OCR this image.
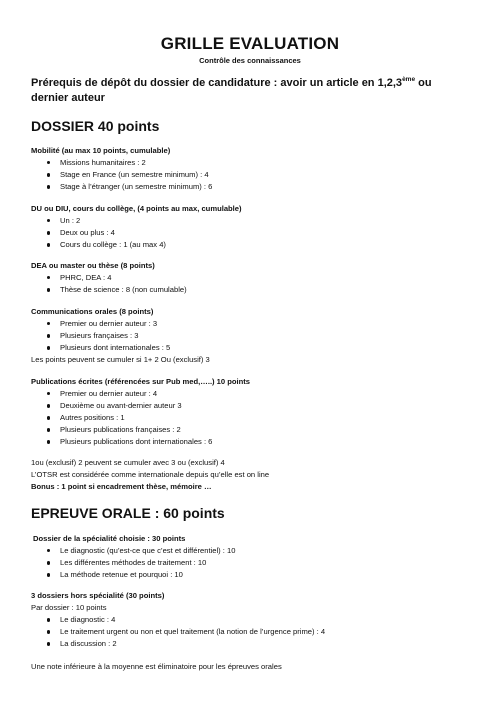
GRILLE EVALUATION
Contrôle des connaissances
Prérequis de dépôt du dossier de candidature : avoir un article en 1,2,3ème ou dernier auteur
DOSSIER 40 points
Mobilité (au max 10 points, cumulable)
Missions humanitaires : 2
Stage en France (un semestre minimum) : 4
Stage à l’étranger (un semestre minimum) : 6
DU ou DIU, cours du collège, (4 points au max, cumulable)
Un : 2
Deux ou plus : 4
Cours du collège : 1 (au max 4)
DEA ou master ou thèse (8 points)
PHRC, DEA : 4
Thèse de science : 8 (non cumulable)
Communications orales (8 points)
Premier ou dernier auteur : 3
Plusieurs françaises : 3
Plusieurs dont internationales : 5
Les points peuvent se cumuler si 1+ 2 Ou (exclusif) 3
Publications écrites (référencées sur Pub med,…..) 10 points
Premier ou dernier auteur : 4
Deuxième ou avant-dernier auteur 3
Autres positions : 1
Plusieurs publications françaises : 2
Plusieurs publications dont internationales : 6
1ou (exclusif) 2 peuvent se cumuler avec 3 ou (exclusif) 4
L’OTSR est considérée comme internationale depuis qu’elle est on line
Bonus : 1 point si encadrement thèse, mémoire …
EPREUVE ORALE : 60 points
Dossier de la spécialité choisie : 30 points
Le diagnostic (qu’est-ce que c’est et différentiel) : 10
Les différentes méthodes de traitement : 10
La méthode retenue et pourquoi : 10
3 dossiers hors spécialité (30 points)
Par dossier : 10 points
Le diagnostic : 4
Le traitement urgent ou non et quel traitement (la notion de l’urgence prime) : 4
La discussion : 2
Une note inférieure à la moyenne est éliminatoire pour les épreuves orales
